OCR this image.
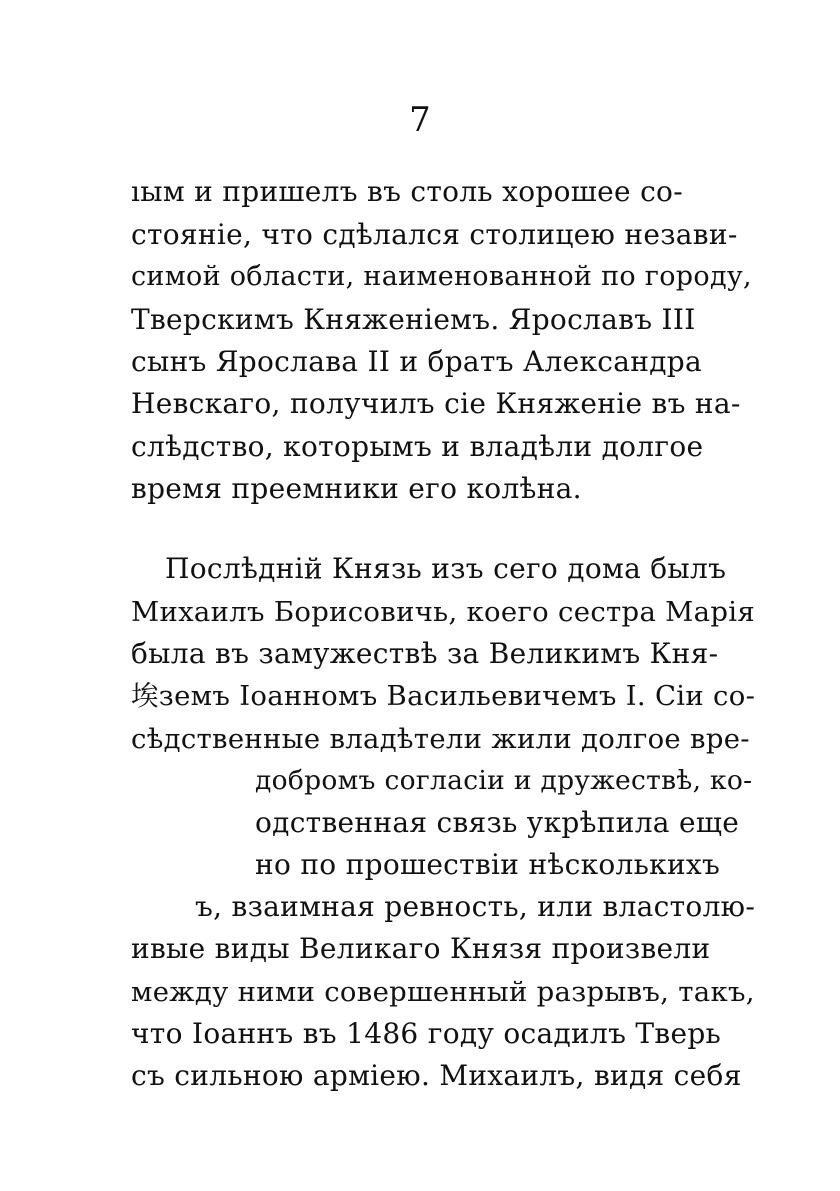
7
ıым и пришелъ въ столь хорошее со-
стояніе, что сдѣлался столицею незави-
симой области, наименованной по городу,
Тверскимъ Княженіемъ. Ярославъ III
сынъ Ярослава II и братъ Александра
Невскаго, получилъ сіе Княженіе въ на-
слѣдство, которымъ и владѣли долгое
время преемники его колѣна.
Послѣдній Князь изъ сего дома былъ
Михаилъ Борисовичь, коего сестра Марія
была въ замужествѣ за Великимъ Кня-
埃земъ Іоанномъ Васильевичемъ I. Сіи со-
сѣдственные владѣтели жили долгое вре-
добромъ согласіи и дружествѣ, ко-
одственная связь укрѣпила еще
но по прошествіи нѣсколькихъ
ъ, взаимная ревность, или властолю-
ивые виды Великаго Князя произвели
между ними совершенный разрывъ, такъ,
что Іоаннъ въ 1486 году осадилъ Тверь
съ сильною арміею. Михаилъ, видя себя
